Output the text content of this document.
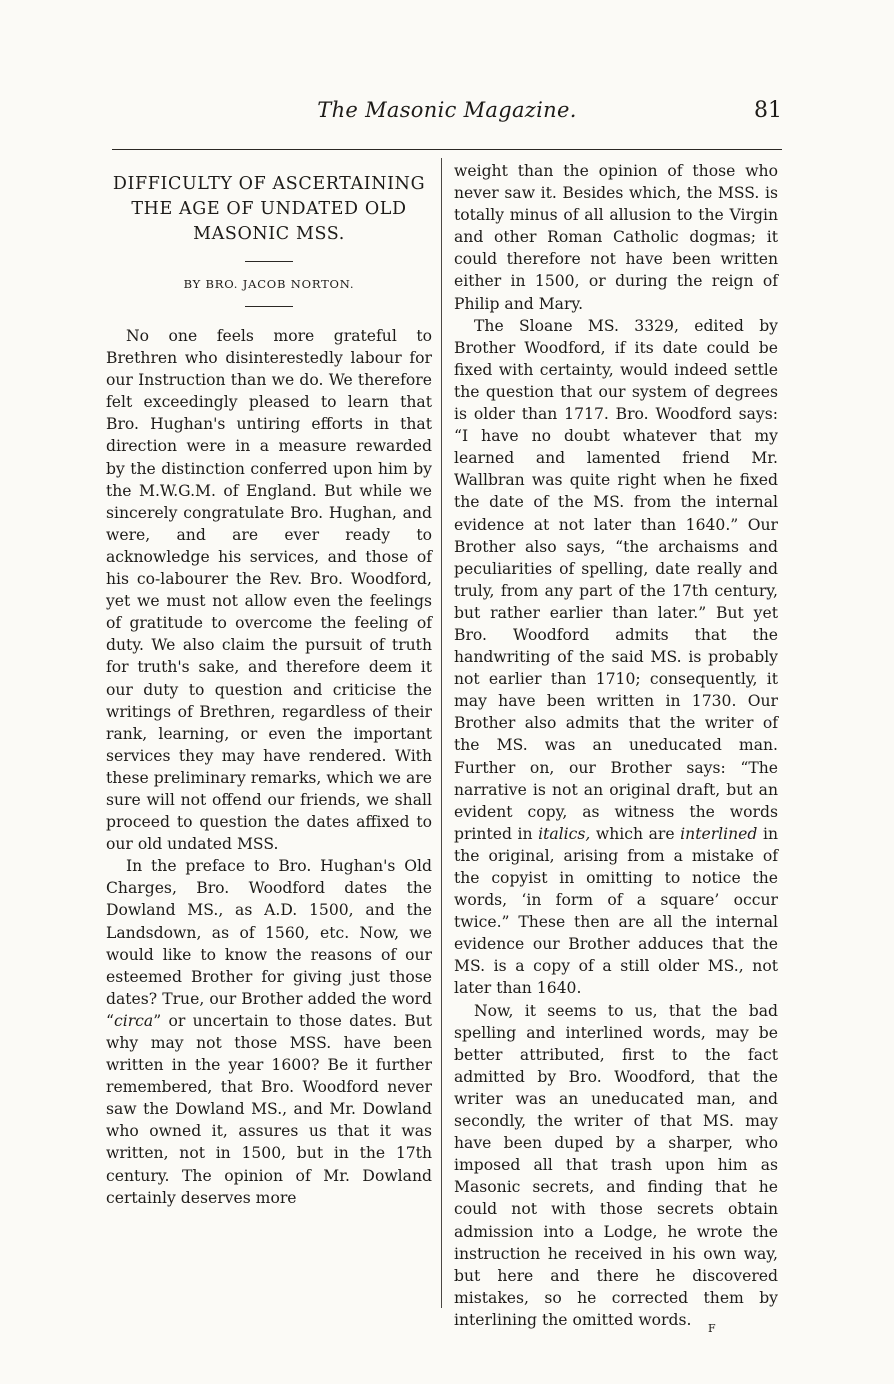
The Masonic Magazine.	81
DIFFICULTY OF ASCERTAINING
THE AGE OF UNDATED OLD
MASONIC MSS.
BY BRO. JACOB NORTON.

No one feels more grateful to Brethren who disinterestedly labour for our Instruction than we do. We therefore felt exceedingly pleased to learn that Bro. Hughan's untiring efforts in that direction were in a measure rewarded by the distinction conferred upon him by the M.W.G.M. of England. But while we sincerely congratulate Bro. Hughan, and were, and are ever ready to acknowledge his services, and those of his co-labourer the Rev. Bro. Woodford, yet we must not allow even the feelings of gratitude to overcome the feeling of duty. We also claim the pursuit of truth for truth's sake, and therefore deem it our duty to question and criticise the writings of Brethren, regardless of their rank, learning, or even the important services they may have rendered. With these preliminary remarks, which we are sure will not offend our friends, we shall proceed to question the dates affixed to our old undated MSS.

In the preface to Bro. Hughan's Old Charges, Bro. Woodford dates the Dowland MS., as A.D. 1500, and the Landsdown, as of 1560, etc. Now, we would like to know the reasons of our esteemed Brother for giving just those dates? True, our Brother added the word “circa” or uncertain to those dates. But why may not those MSS. have been written in the year 1600? Be it further remembered, that Bro. Woodford never saw the Dowland MS., and Mr. Dowland who owned it, assures us that it was written, not in 1500, but in the 17th century. The opinion of Mr. Dowland certainly deserves more

weight than the opinion of those who never saw it. Besides which, the MSS. is totally minus of all allusion to the Virgin and other Roman Catholic dogmas; it could therefore not have been written either in 1500, or during the reign of Philip and Mary.

The Sloane MS. 3329, edited by Brother Woodford, if its date could be fixed with certainty, would indeed settle the question that our system of degrees is older than 1717. Bro. Woodford says: “I have no doubt whatever that my learned and lamented friend Mr. Wallbran was quite right when he fixed the date of the MS. from the internal evidence at not later than 1640.” Our Brother also says, “the archaisms and peculiarities of spelling, date really and truly, from any part of the 17th century, but rather earlier than later.” But yet Bro. Woodford admits that the handwriting of the said MS. is probably not earlier than 1710; consequently, it may have been written in 1730. Our Brother also admits that the writer of the MS. was an uneducated man. Further on, our Brother says: “The narrative is not an original draft, but an evident copy, as witness the words printed in italics, which are interlined in the original, arising from a mistake of the copyist in omitting to notice the words, ‘in form of a square’ occur twice.” These then are all the internal evidence our Brother adduces that the MS. is a copy of a still older MS., not later than 1640.

Now, it seems to us, that the bad spelling and interlined words, may be better attributed, first to the fact admitted by Bro. Woodford, that the writer was an uneducated man, and secondly, the writer of that MS. may have been duped by a sharper, who imposed all that trash upon him as Masonic secrets, and finding that he could not with those secrets obtain admission into a Lodge, he wrote the instruction he received in his own way, but here and there he discovered mistakes, so he corrected them by interlining the omitted words.	F
